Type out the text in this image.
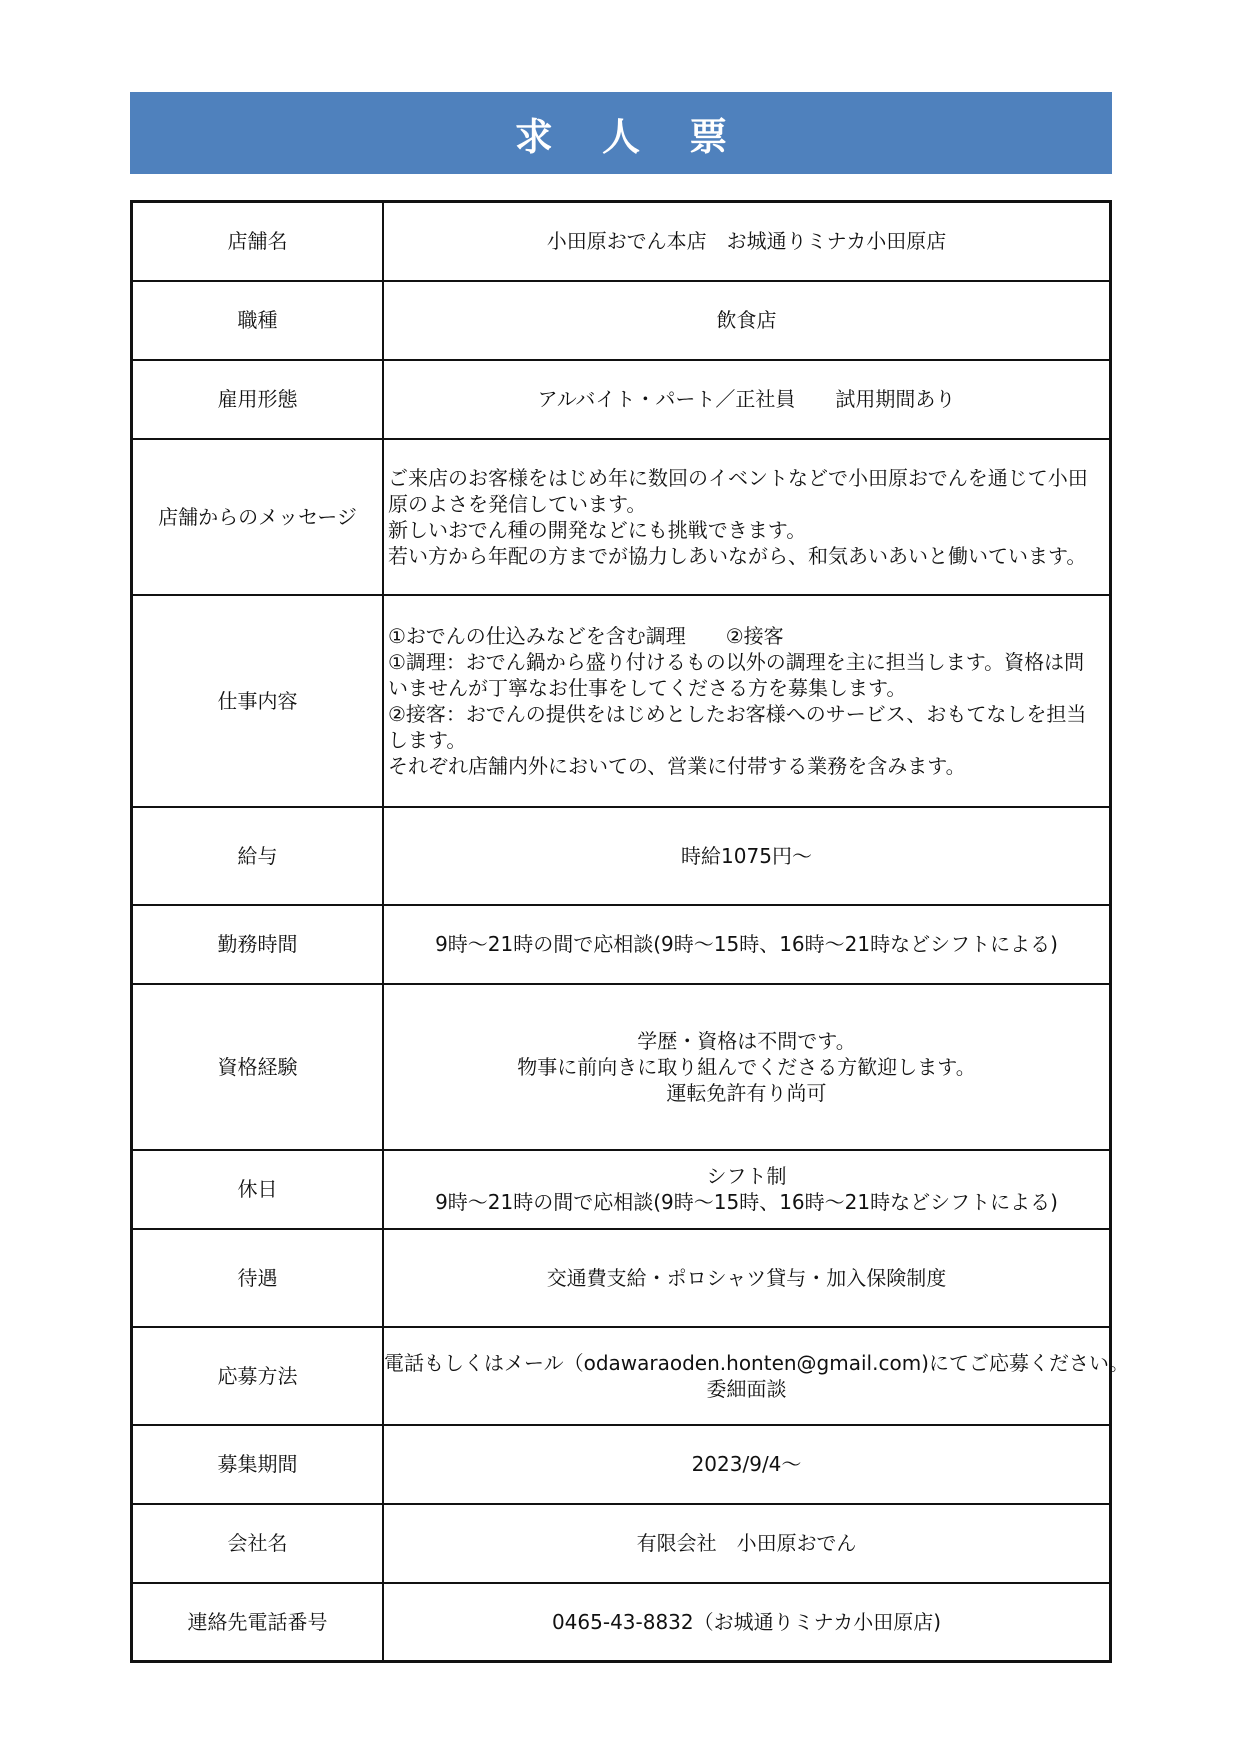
求 人 票
店舗名	小田原おでん本店　お城通りミナカ小田原店
職種	飲食店
雇用形態	アルバイト・パート／正社員　　試用期間あり
店舗からのメッセージ	ご来店のお客様をはじめ年に数回のイベントなどで小田原おでんを通じて小田原のよさを発信しています。
新しいおでん種の開発などにも挑戦できます。
若い方から年配の方までが協力しあいながら、和気あいあいと働いています。

仕事内容	①おでんの仕込みなどを含む調理　　②接客
①調理：おでん鍋から盛り付けるもの以外の調理を主に担当します。資格は問いませんが丁寧なお仕事をしてくださる方を募集します。
②接客：おでんの提供をはじめとしたお客様へのサービス、おもてなしを担当します。
それぞれ店舗内外においての、営業に付帯する業務を含みます。

給与	時給1075円～
勤務時間	9時～21時の間で応相談(9時～15時、16時～21時などシフトによる)

資格経験	学歴・資格は不問です。
物事に前向きに取り組んでくださる方歓迎します。
運転免許有り尚可

休日	シフト制
9時～21時の間で応相談(9時～15時、16時～21時などシフトによる)

待遇	交通費支給・ポロシャツ貸与・加入保険制度
応募方法	電話もしくはメール（odawaraoden.honten@gmail.com)にてご応募ください。
委細面談

募集期間	2023/9/4～
会社名	有限会社　小田原おでん
連絡先電話番号	0465-43-8832（お城通りミナカ小田原店)
